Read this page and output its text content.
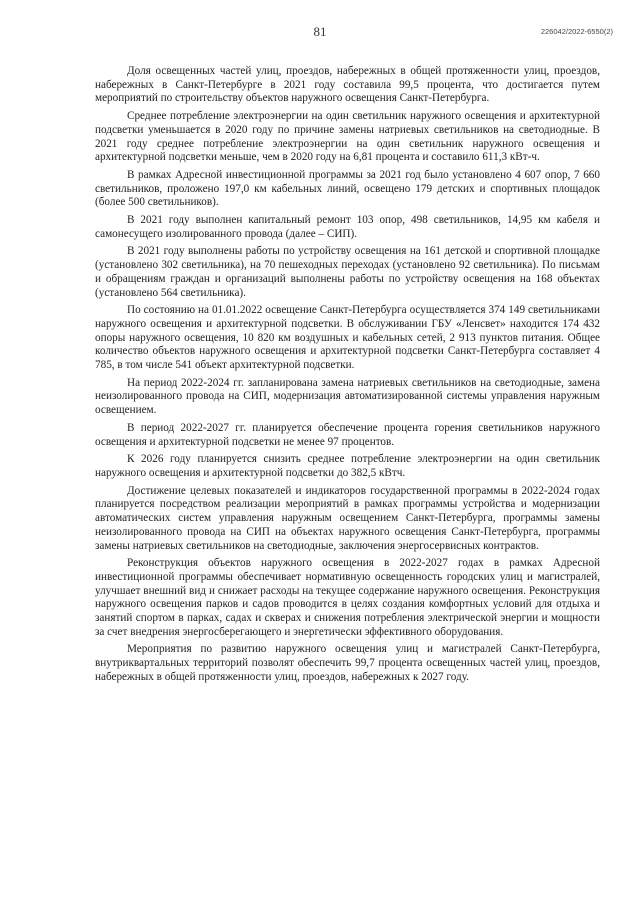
81	226042/2022-6550(2)

Доля освещенных частей улиц, проездов, набережных в общей протяженности улиц, проездов, набережных в Санкт-Петербурге в 2021 году составила 99,5 процента, что достигается путем мероприятий по строительству объектов наружного освещения Санкт-Петербурга.

Среднее потребление электроэнергии на один светильник наружного освещения и архитектурной подсветки уменьшается в 2020 году по причине замены натриевых светильников на светодиодные. В 2021 году среднее потребление электроэнергии на один светильник наружного освещения и архитектурной подсветки меньше, чем в 2020 году на 6,81 процента и составило 611,3 кВт-ч.

В рамках Адресной инвестиционной программы за 2021 год было установлено 4 607 опор, 7 660 светильников, проложено 197,0 км кабельных линий, освещено 179 детских и спортивных площадок (более 500 светильников).

В 2021 году выполнен капитальный ремонт 103 опор, 498 светильников, 14,95 км кабеля и самонесущего изолированного провода (далее – СИП).

В 2021 году выполнены работы по устройству освещения на 161 детской и спортивной площадке (установлено 302 светильника), на 70 пешеходных переходах (установлено 92 светильника). По письмам и обращениям граждан и организаций выполнены работы по устройству освещения на 168 объектах (установлено 564 светильника).

По состоянию на 01.01.2022 освещение Санкт-Петербурга осуществляется 374 149 светильниками наружного освещения и архитектурной подсветки. В обслуживании ГБУ «Ленсвет» находится 174 432 опоры наружного освещения, 10 820 км воздушных и кабельных сетей, 2 913 пунктов питания. Общее количество объектов наружного освещения и архитектурной подсветки Санкт-Петербурга составляет 4 785, в том числе 541 объект архитектурной подсветки.

На период 2022-2024 гг. запланирована замена натриевых светильников на светодиодные, замена неизолированного провода на СИП, модернизация автоматизированной системы управления наружным освещением.

В период 2022-2027 гг. планируется обеспечение процента горения светильников наружного освещения и архитектурной подсветки не менее 97 процентов.

К 2026 году планируется снизить среднее потребление электроэнергии на один светильник наружного освещения и архитектурной подсветки до 382,5 кВтч.

Достижение целевых показателей и индикаторов государственной программы в 2022-2024 годах планируется посредством реализации мероприятий в рамках программы устройства и модернизации автоматических систем управления наружным освещением Санкт-Петербурга, программы замены неизолированного провода на СИП на объектах наружного освещения Санкт-Петербурга, программы замены натриевых светильников на светодиодные, заключения энергосервисных контрактов.

Реконструкция объектов наружного освещения в 2022-2027 годах в рамках Адресной инвестиционной программы обеспечивает нормативную освещенность городских улиц и магистралей, улучшает внешний вид и снижает расходы на текущее содержание наружного освещения. Реконструкция наружного освещения парков и садов проводится в целях создания комфортных условий для отдыха и занятий спортом в парках, садах и скверах и снижения потребления электрической энергии и мощности за счет внедрения энергосберегающего и энергетически эффективного оборудования.

Мероприятия по развитию наружного освещения улиц и магистралей Санкт-Петербурга, внутриквартальных территорий позволят обеспечить 99,7 процента освещенных частей улиц, проездов, набережных в общей протяженности улиц, проездов, набережных к 2027 году.
